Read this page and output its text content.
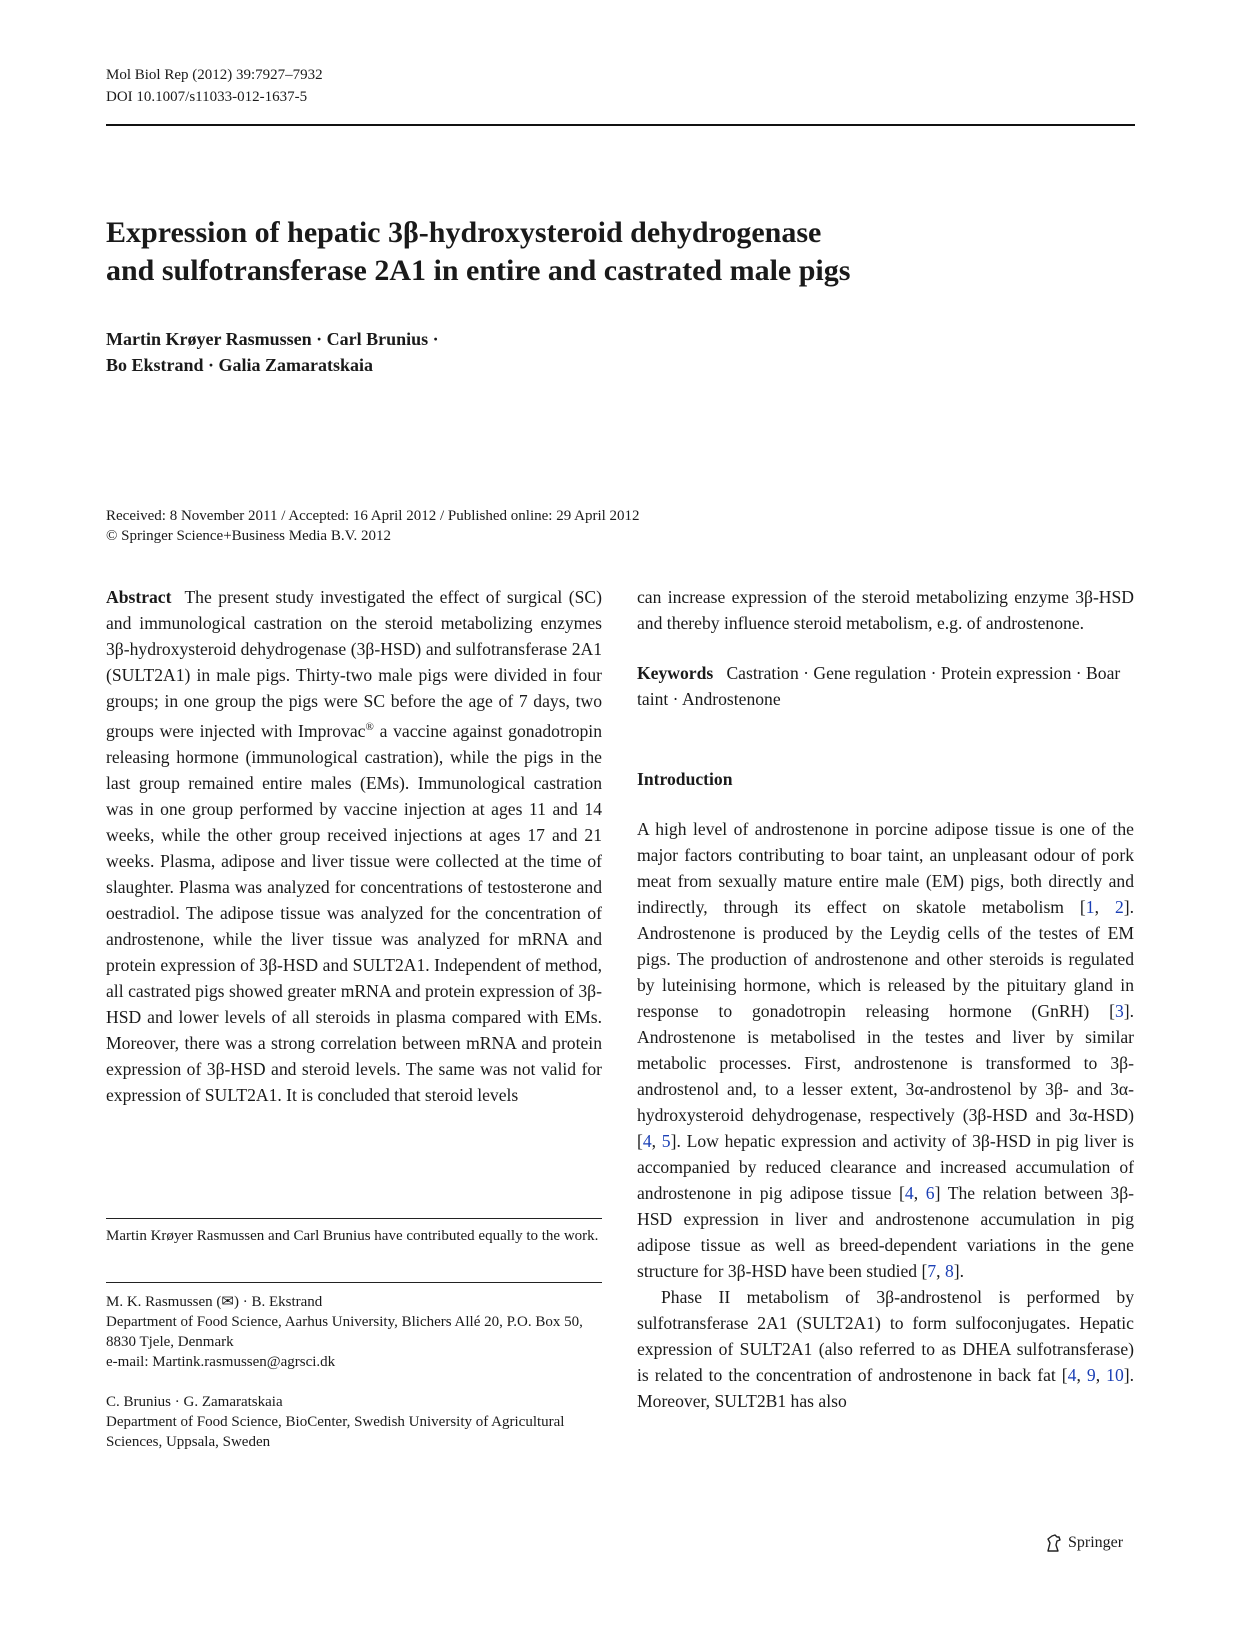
Mol Biol Rep (2012) 39:7927–7932
DOI 10.1007/s11033-012-1637-5
Expression of hepatic 3β-hydroxysteroid dehydrogenase
and sulfotransferase 2A1 in entire and castrated male pigs
Martin Krøyer Rasmussen · Carl Brunius ·
Bo Ekstrand · Galia Zamaratskaia
Received: 8 November 2011 / Accepted: 16 April 2012 / Published online: 29 April 2012
© Springer Science+Business Media B.V. 2012

Abstract The present study investigated the effect of surgical (SC) and immunological castration on the steroid metabolizing enzymes 3β-hydroxysteroid dehydrogenase (3β-HSD) and sulfotransferase 2A1 (SULT2A1) in male pigs. Thirty-two male pigs were divided in four groups; in one group the pigs were SC before the age of 7 days, two groups were injected with Improvac® a vaccine against gonadotropin releasing hormone (immunological castration), while the pigs in the last group remained entire males (EMs). Immunological castration was in one group performed by vaccine injection at ages 11 and 14 weeks, while the other group received injections at ages 17 and 21 weeks. Plasma, adipose and liver tissue were collected at the time of slaughter. Plasma was analyzed for concentrations of testosterone and oestradiol. The adipose tissue was analyzed for the concentration of androstenone, while the liver tissue was analyzed for mRNA and protein expression of 3β-HSD and SULT2A1. Independent of method, all castrated pigs showed greater mRNA and protein expression of 3β-HSD and lower levels of all steroids in plasma compared with EMs. Moreover, there was a strong correlation between mRNA and protein expression of 3β-HSD and steroid levels. The same was not valid for expression of SULT2A1. It is concluded that steroid levels

Martin Krøyer Rasmussen and Carl Brunius have contributed equally to the work.
M. K. Rasmussen (✉) · B. Ekstrand
Department of Food Science, Aarhus University, Blichers Allé 20, P.O. Box 50, 8830 Tjele, Denmark
e-mail: Martink.rasmussen@agrsci.dk
C. Brunius · G. Zamaratskaia
Department of Food Science, BioCenter, Swedish University of Agricultural Sciences, Uppsala, Sweden

can increase expression of the steroid metabolizing enzyme 3β-HSD and thereby influence steroid metabolism, e.g. of androstenone.

Keywords Castration · Gene regulation · Protein expression · Boar taint · Androstenone

Introduction

A high level of androstenone in porcine adipose tissue is one of the major factors contributing to boar taint, an unpleasant odour of pork meat from sexually mature entire male (EM) pigs, both directly and indirectly, through its effect on skatole metabolism [1, 2]. Androstenone is produced by the Leydig cells of the testes of EM pigs. The production of androstenone and other steroids is regulated by luteinising hormone, which is released by the pituitary gland in response to gonadotropin releasing hormone (GnRH) [3]. Androstenone is metabolised in the testes and liver by similar metabolic processes. First, androstenone is transformed to 3β-androstenol and, to a lesser extent, 3α-androstenol by 3β- and 3α-hydroxysteroid dehydrogenase, respectively (3β-HSD and 3α-HSD) [4, 5]. Low hepatic expression and activity of 3β-HSD in pig liver is accompanied by reduced clearance and increased accumulation of androstenone in pig adipose tissue [4, 6] The relation between 3β-HSD expression in liver and androstenone accumulation in pig adipose tissue as well as breed-dependent variations in the gene structure for 3β-HSD have been studied [7, 8].

Phase II metabolism of 3β-androstenol is performed by sulfotransferase 2A1 (SULT2A1) to form sulfoconjugates. Hepatic expression of SULT2A1 (also referred to as DHEA sulfotransferase) is related to the concentration of androstenone in back fat [4, 9, 10]. Moreover, SULT2B1 has also

Springer
